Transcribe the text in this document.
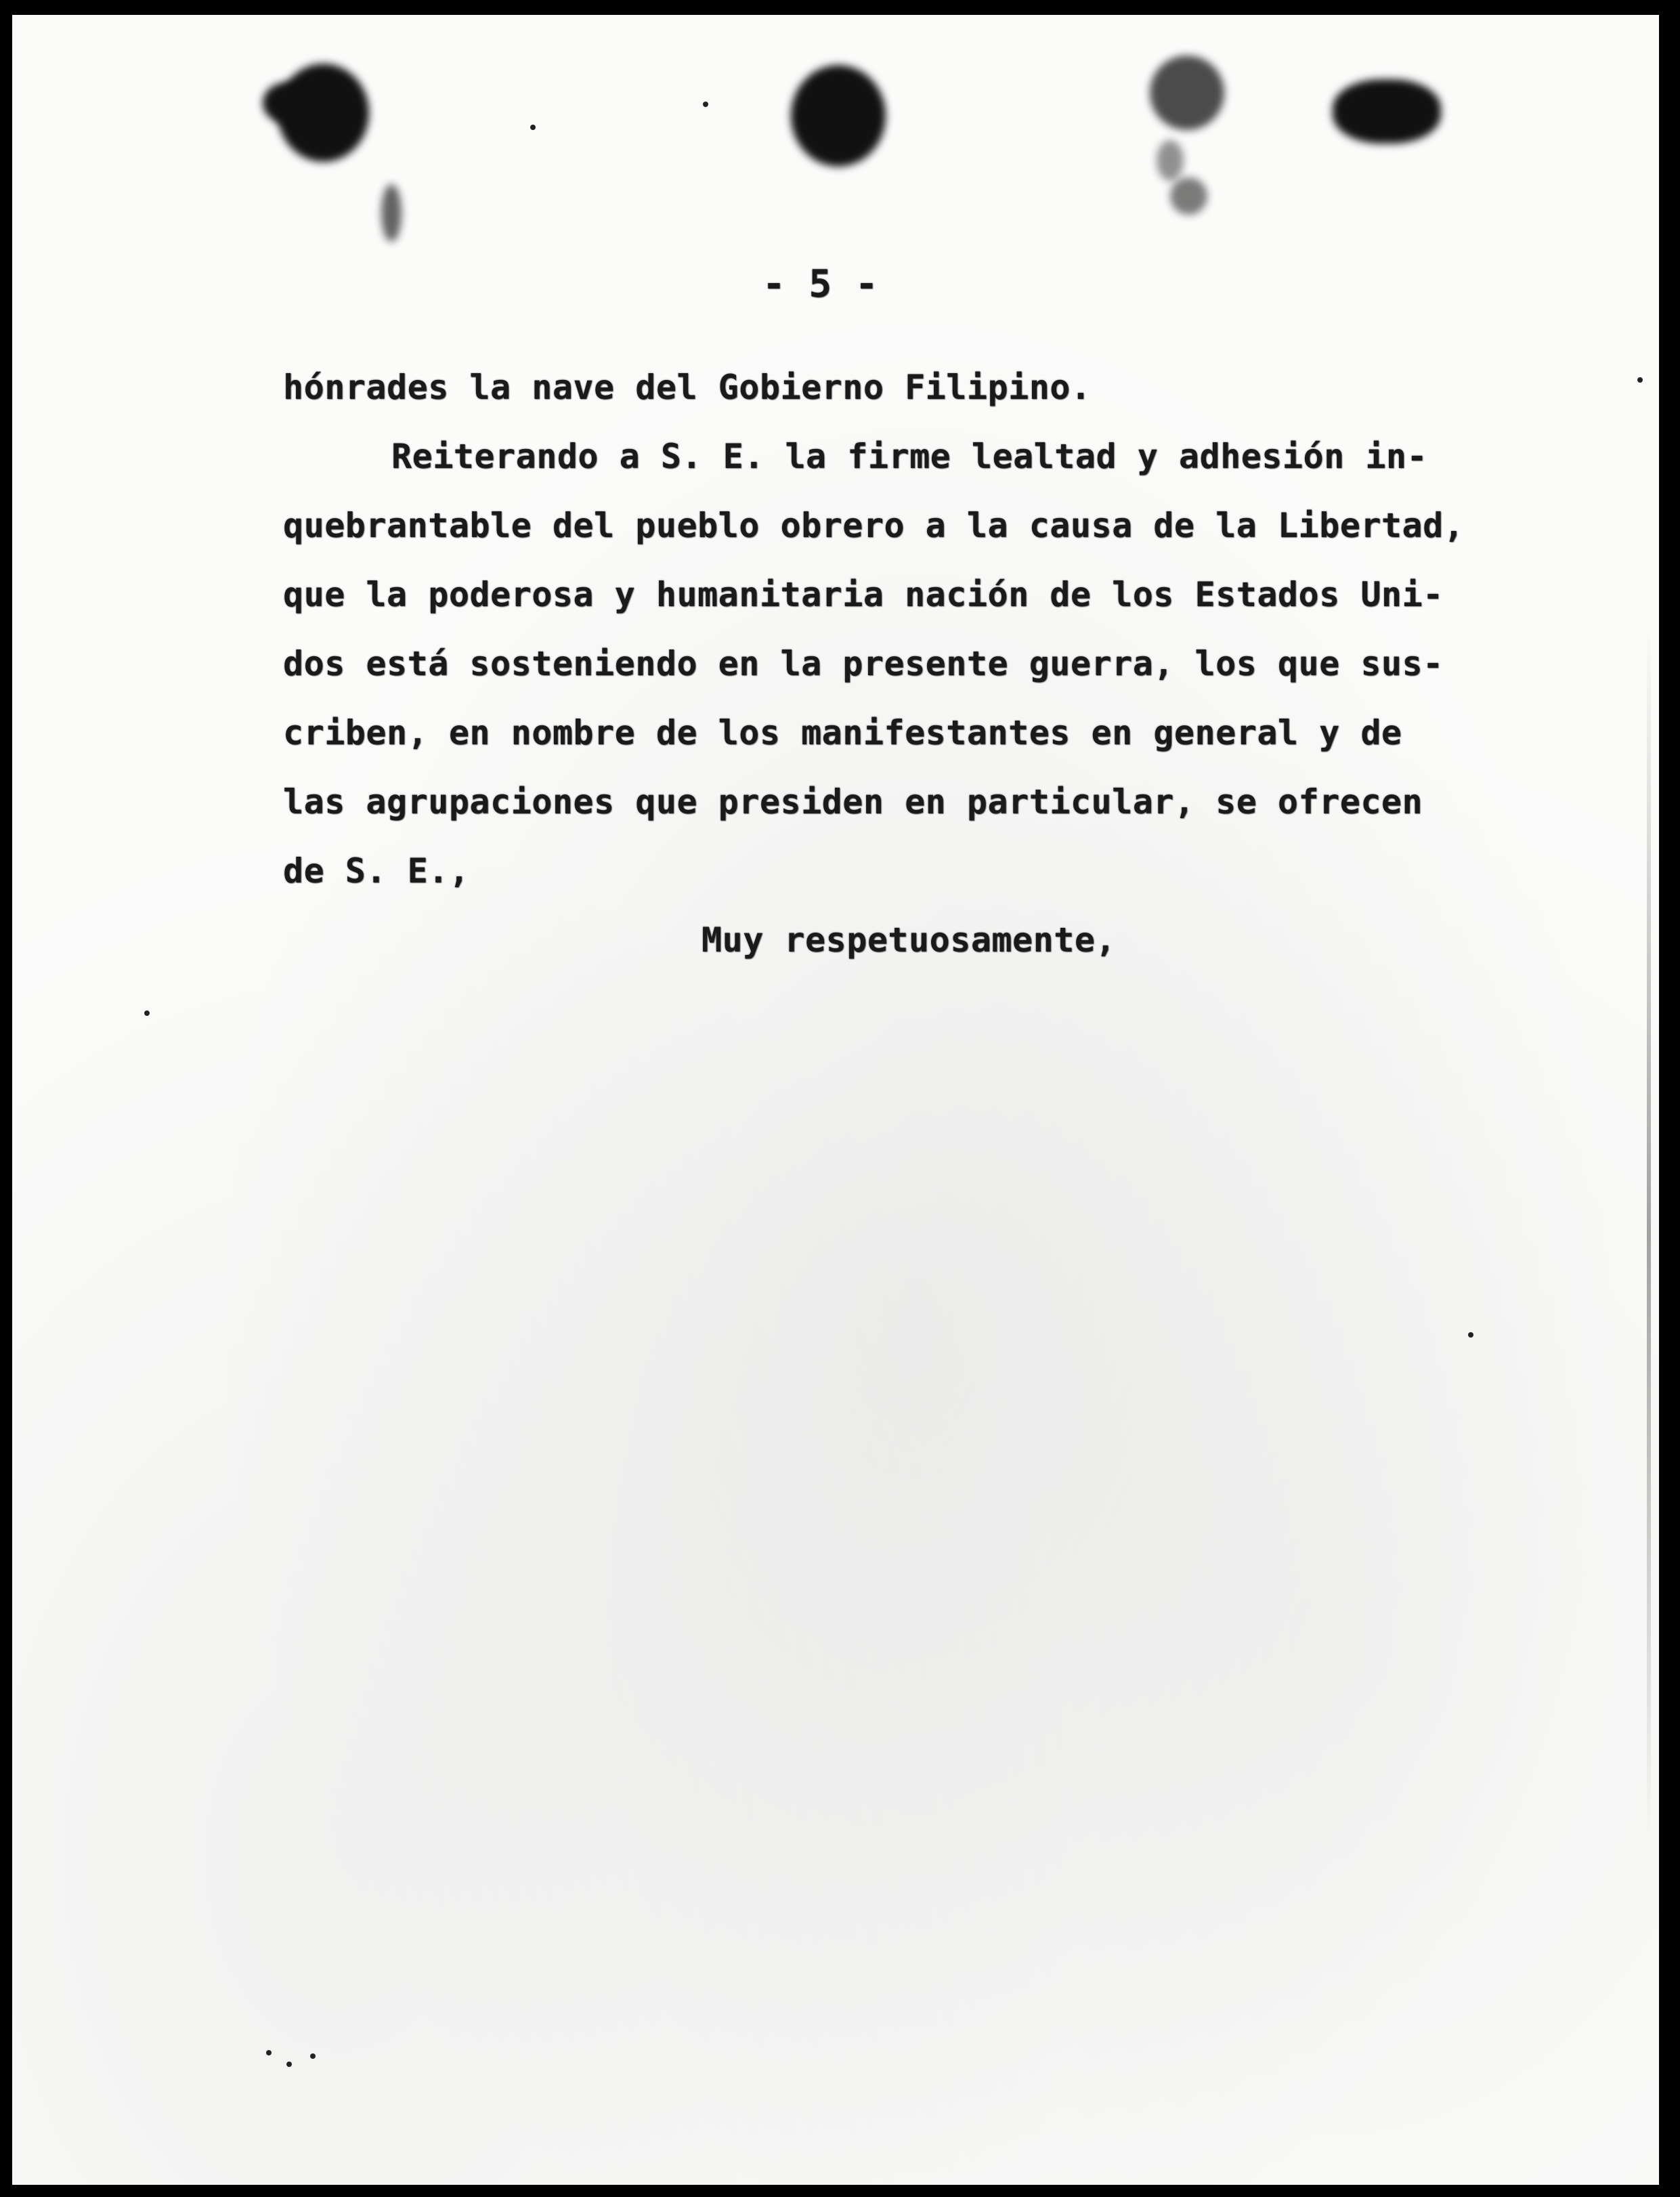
- 5 -
hónrades la nave del Gobierno Filipino.
Reiterando a S. E. la firme lealtad y adhesión in-
quebrantable del pueblo obrero a la causa de la Libertad,
que la poderosa y humanitaria nación de los Estados Uni-
dos está sosteniendo en la presente guerra, los que sus-
criben, en nombre de los manifestantes en general y de
las agrupaciones que presiden en particular, se ofrecen
de S. E.,
Muy respetuosamente,
